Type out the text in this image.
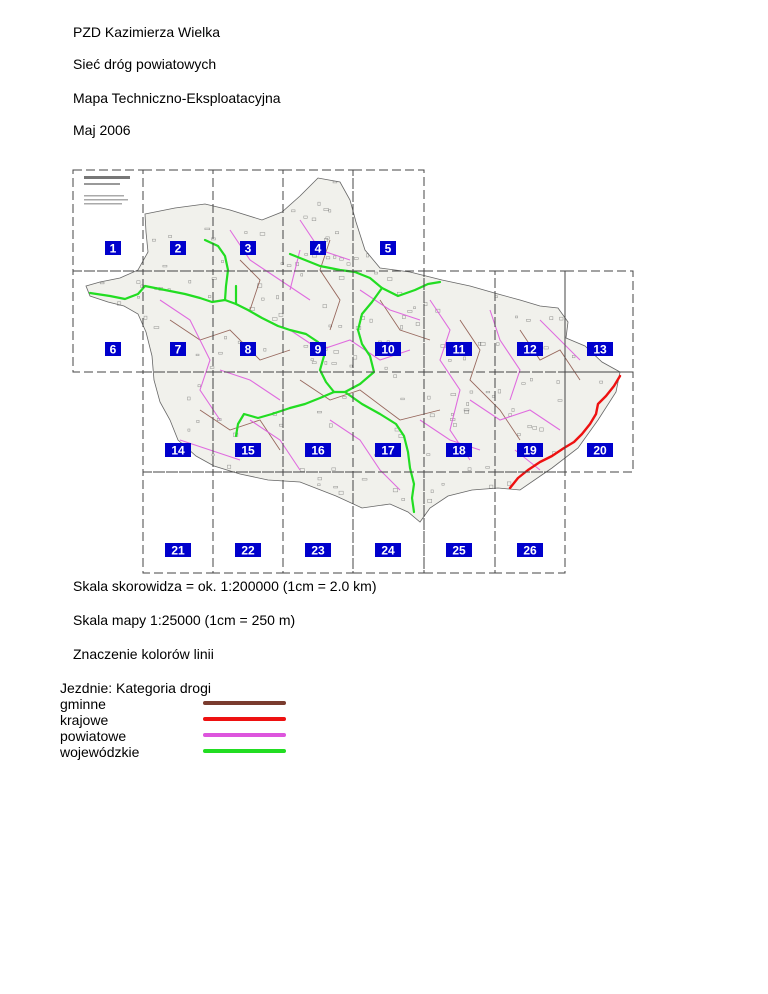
PZD Kazimierza Wielka
Sieć dróg powiatowych
Mapa Techniczno-Eksploatacyjna
Maj 2006
1	2	3	4	5
6	7	8	9	10	11	12	13
14	15	16	17	18	19	20
21	22	23	24	25	26
Skala skorowidza = ok. 1:200000 (1cm = 2.0 km)
Skala mapy 1:25000 (1cm = 250 m)
Znaczenie kolorów linii
Jezdnie: Kategoria drogi
gminne
krajowe
powiatowe
wojewódzkie
